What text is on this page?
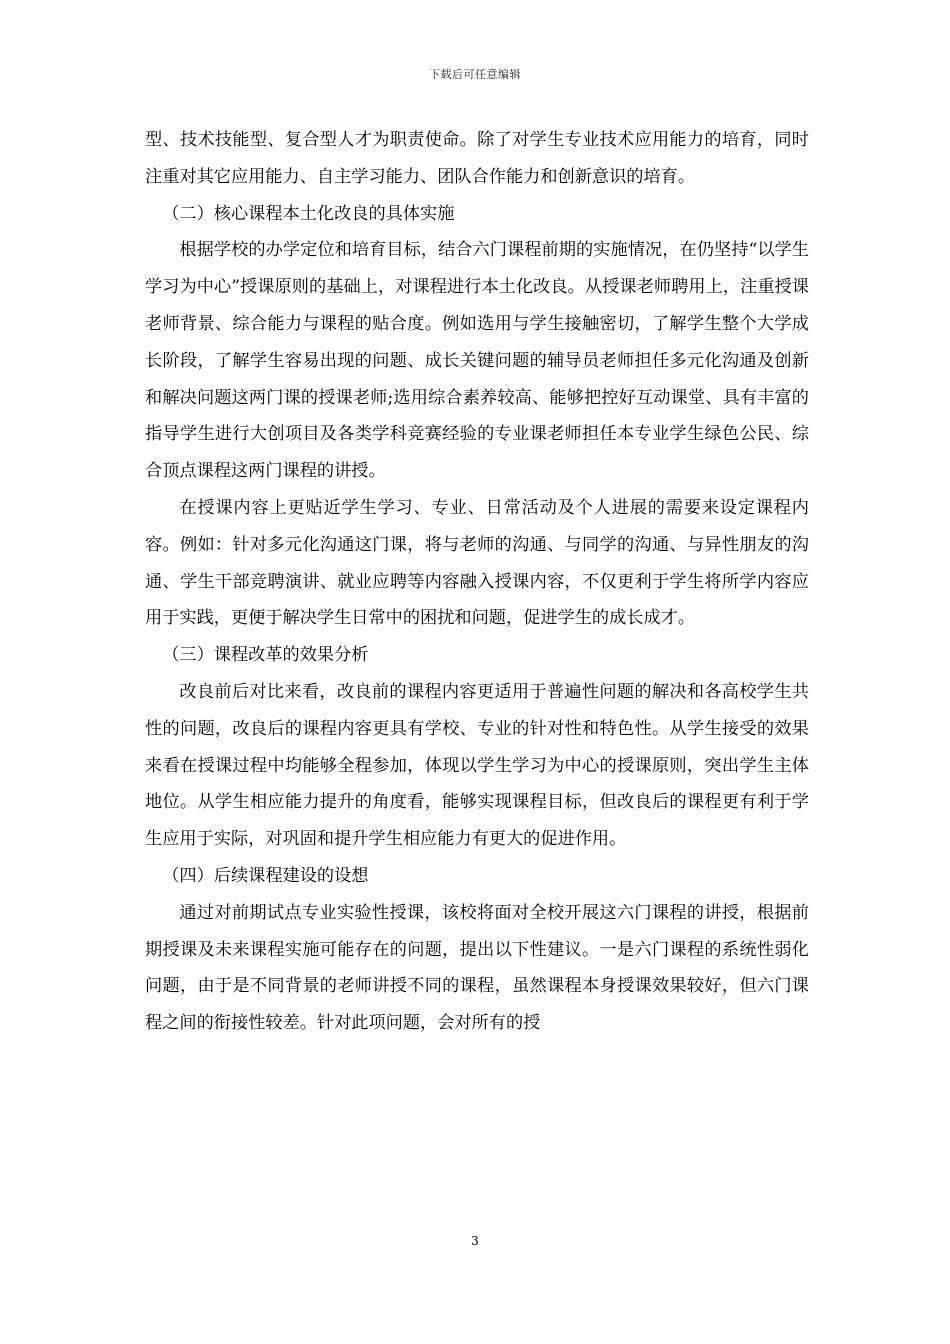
下载后可任意编辑

型、技术技能型、复合型人才为职责使命。除了对学生专业技术应用能力的培育，同时注重对其它应用能力、自主学习能力、团队合作能力和创新意识的培育。

（二）核心课程本土化改良的具体实施

根据学校的办学定位和培育目标，结合六门课程前期的实施情况，在仍坚持“以学生学习为中心”授课原则的基础上，对课程进行本土化改良。从授课老师聘用上，注重授课老师背景、综合能力与课程的贴合度。例如选用与学生接触密切，了解学生整个大学成长阶段，了解学生容易出现的问题、成长关键问题的辅导员老师担任多元化沟通及创新和解决问题这两门课的授课老师;选用综合素养较高、能够把控好互动课堂、具有丰富的指导学生进行大创项目及各类学科竞赛经验的专业课老师担任本专业学生绿色公民、综合顶点课程这两门课程的讲授。

在授课内容上更贴近学生学习、专业、日常活动及个人进展的需要来设定课程内容。例如：针对多元化沟通这门课，将与老师的沟通、与同学的沟通、与异性朋友的沟通、学生干部竞聘演讲、就业应聘等内容融入授课内容，不仅更利于学生将所学内容应用于实践，更便于解决学生日常中的困扰和问题，促进学生的成长成才。

（三）课程改革的效果分析

改良前后对比来看，改良前的课程内容更适用于普遍性问题的解决和各高校学生共性的问题，改良后的课程内容更具有学校、专业的针对性和特色性。从学生接受的效果来看在授课过程中均能够全程参加，体现以学生学习为中心的授课原则，突出学生主体地位。从学生相应能力提升的角度看，能够实现课程目标，但改良后的课程更有利于学生应用于实际，对巩固和提升学生相应能力有更大的促进作用。

（四）后续课程建设的设想

通过对前期试点专业实验性授课，该校将面对全校开展这六门课程的讲授，根据前期授课及未来课程实施可能存在的问题，提出以下性建议。一是六门课程的系统性弱化问题，由于是不同背景的老师讲授不同的课程，虽然课程本身授课效果较好，但六门课程之间的衔接性较差。针对此项问题，会对所有的授

3
